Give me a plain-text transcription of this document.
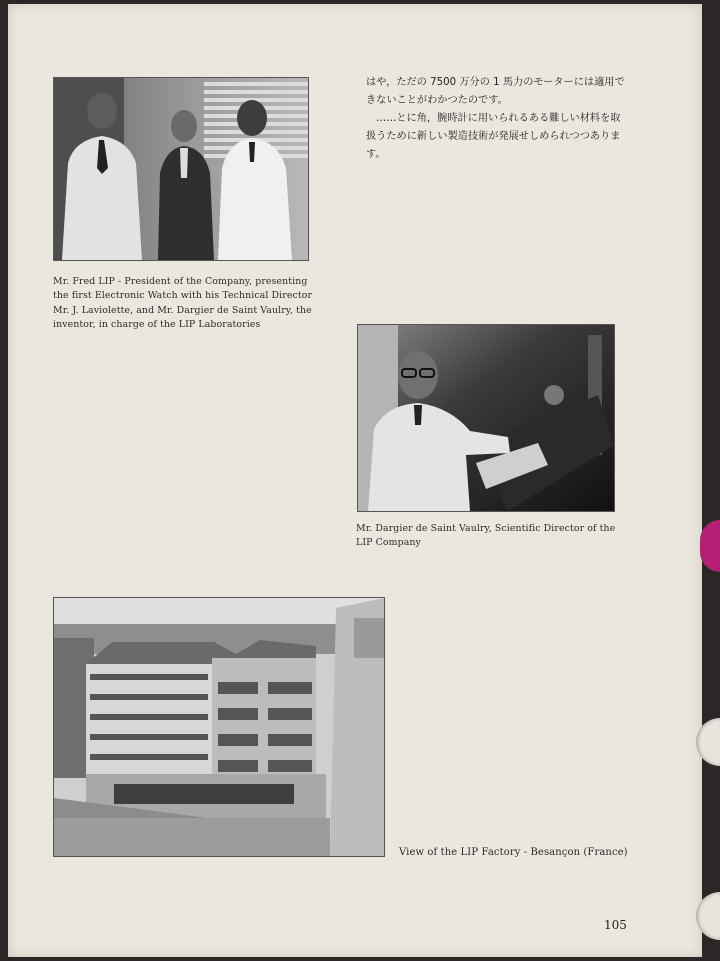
Mr. Fred LIP - President of the Company, presenting the first Electronic Watch with his Technical Director Mr. J. Laviolette, and Mr. Dargier de Saint Vaulry, the inventor, in charge of the LIP Laboratories

はや，ただの 7500 万分の 1 馬力のモーターには適用できないことがわかつたのです。

……とに角，腕時計に用いられるある難しい材料を取扱うために新しい製造技術が発展せしめられつつあります。

Mr. Dargier de Saint Vaulry, Scientific Director of the LIP Company
View of the LIP Factory - Besançon (France)
105
